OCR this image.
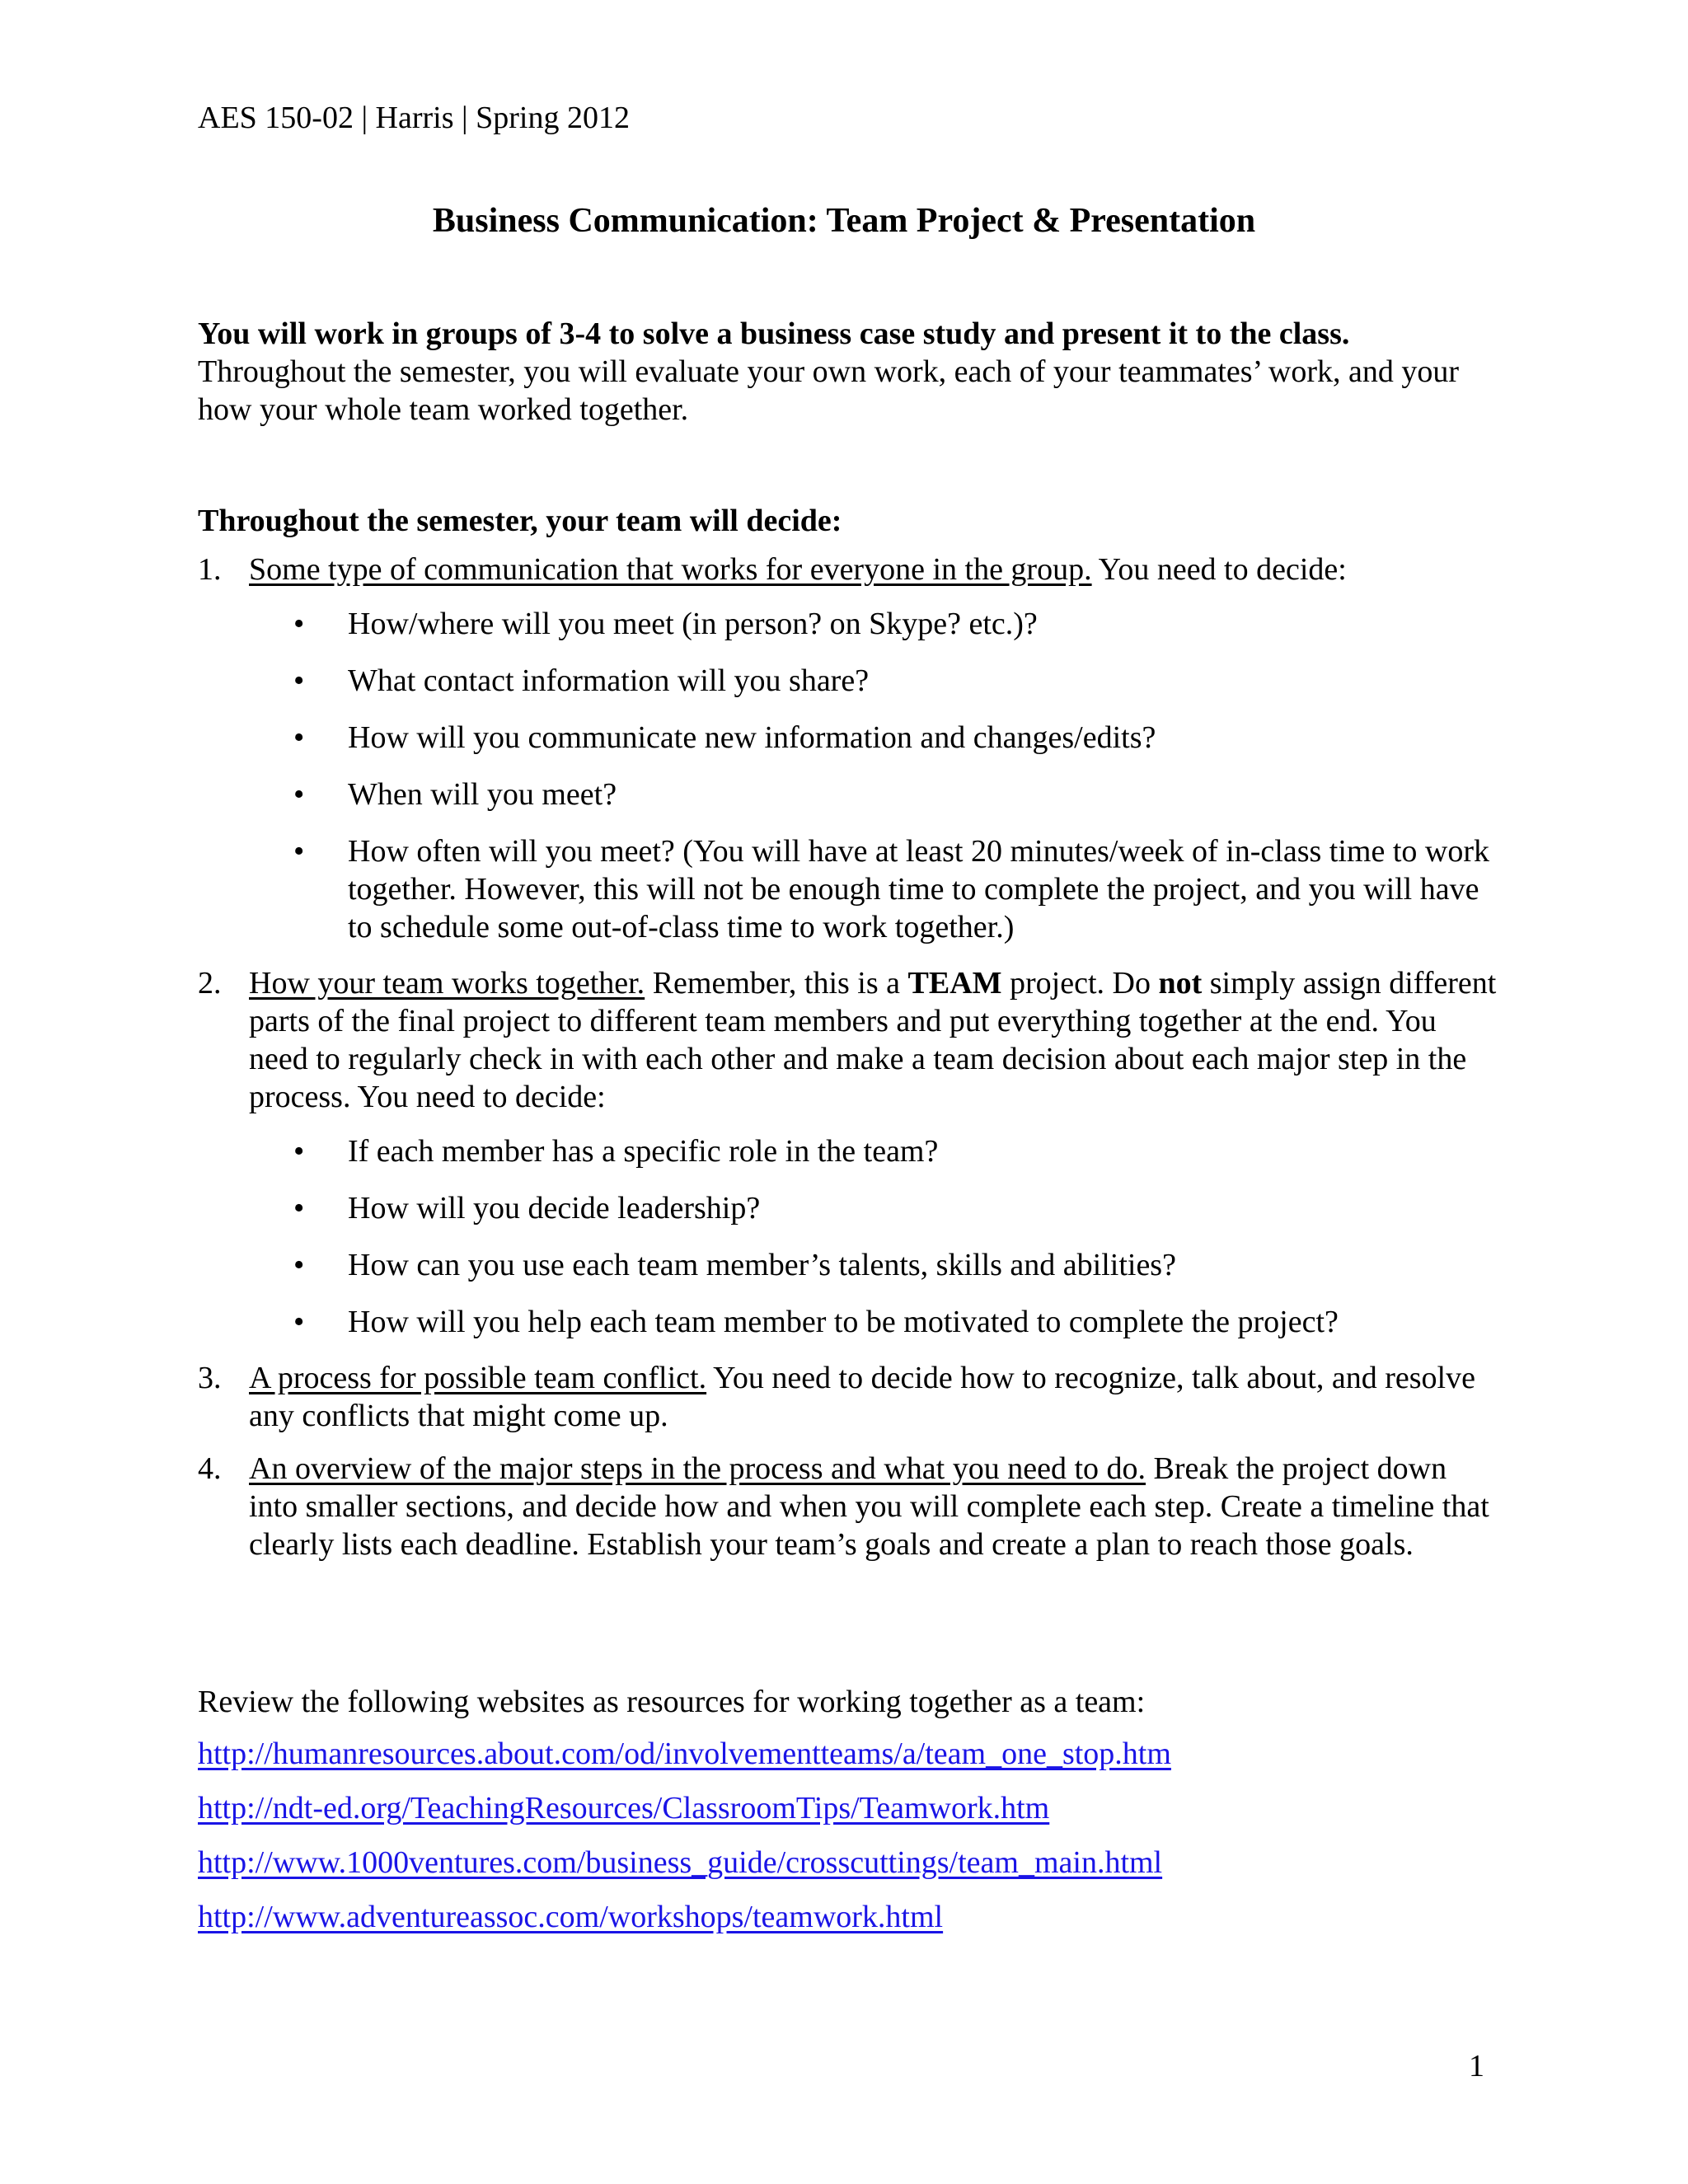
AES 150-02 | Harris | Spring 2012
Business Communication: Team Project & Presentation
You will work in groups of 3-4 to solve a business case study and present it to the class. Throughout the semester, you will evaluate your own work, each of your teammates’ work, and your how your whole team worked together.
Throughout the semester, your team will decide:
1. Some type of communication that works for everyone in the group. You need to decide:
• How/where will you meet (in person? on Skype? etc.)?
• What contact information will you share?
• How will you communicate new information and changes/edits?
• When will you meet?
• How often will you meet? (You will have at least 20 minutes/week of in-class time to work together. However, this will not be enough time to complete the project, and you will have to schedule some out-of-class time to work together.)
2. How your team works together. Remember, this is a TEAM project. Do not simply assign different parts of the final project to different team members and put everything together at the end. You need to regularly check in with each other and make a team decision about each major step in the process. You need to decide:
• If each member has a specific role in the team?
• How will you decide leadership?
• How can you use each team member’s talents, skills and abilities?
• How will you help each team member to be motivated to complete the project?
3. A process for possible team conflict. You need to decide how to recognize, talk about, and resolve any conflicts that might come up.
4. An overview of the major steps in the process and what you need to do. Break the project down into smaller sections, and decide how and when you will complete each step. Create a timeline that clearly lists each deadline. Establish your team’s goals and create a plan to reach those goals.
Review the following websites as resources for working together as a team:
http://humanresources.about.com/od/involvementteams/a/team_one_stop.htm
http://ndt-ed.org/TeachingResources/ClassroomTips/Teamwork.htm
http://www.1000ventures.com/business_guide/crosscuttings/team_main.html
http://www.adventureassoc.com/workshops/teamwork.html
1
